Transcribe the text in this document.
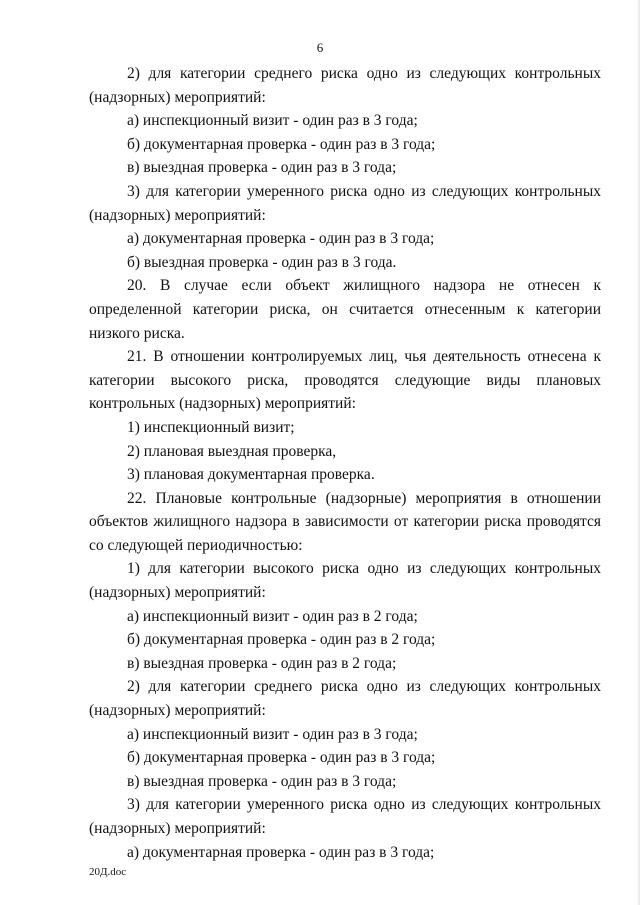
6

2) для категории среднего риска одно из следующих контрольных (надзорных) мероприятий:

а) инспекционный визит - один раз в 3 года;

б) документарная проверка - один раз в 3 года;

в) выездная проверка - один раз в 3 года;

3) для категории умеренного риска одно из следующих контрольных (надзорных) мероприятий:

а) документарная проверка - один раз в 3 года;

б) выездная проверка - один раз в 3 года.

20. В случае если объект жилищного надзора не отнесен к определенной категории риска, он считается отнесенным к категории низкого риска.

21. В отношении контролируемых лиц, чья деятельность отнесена к категории высокого риска, проводятся следующие виды плановых контрольных (надзорных) мероприятий:

1) инспекционный визит;

2) плановая выездная проверка,

3) плановая документарная проверка.

22. Плановые контрольные (надзорные) мероприятия в отношении объектов жилищного надзора в зависимости от категории риска проводятся со следующей периодичностью:

1) для категории высокого риска одно из следующих контрольных (надзорных) мероприятий:

а) инспекционный визит - один раз в 2 года;

б) документарная проверка - один раз в 2 года;

в) выездная проверка - один раз в 2 года;

2) для категории среднего риска одно из следующих контрольных (надзорных) мероприятий:

а) инспекционный визит - один раз в 3 года;

б) документарная проверка - один раз в 3 года;

в) выездная проверка - один раз в 3 года;

3) для категории умеренного риска одно из следующих контрольных (надзорных) мероприятий:

а) документарная проверка - один раз в 3 года;

20Д.doc
